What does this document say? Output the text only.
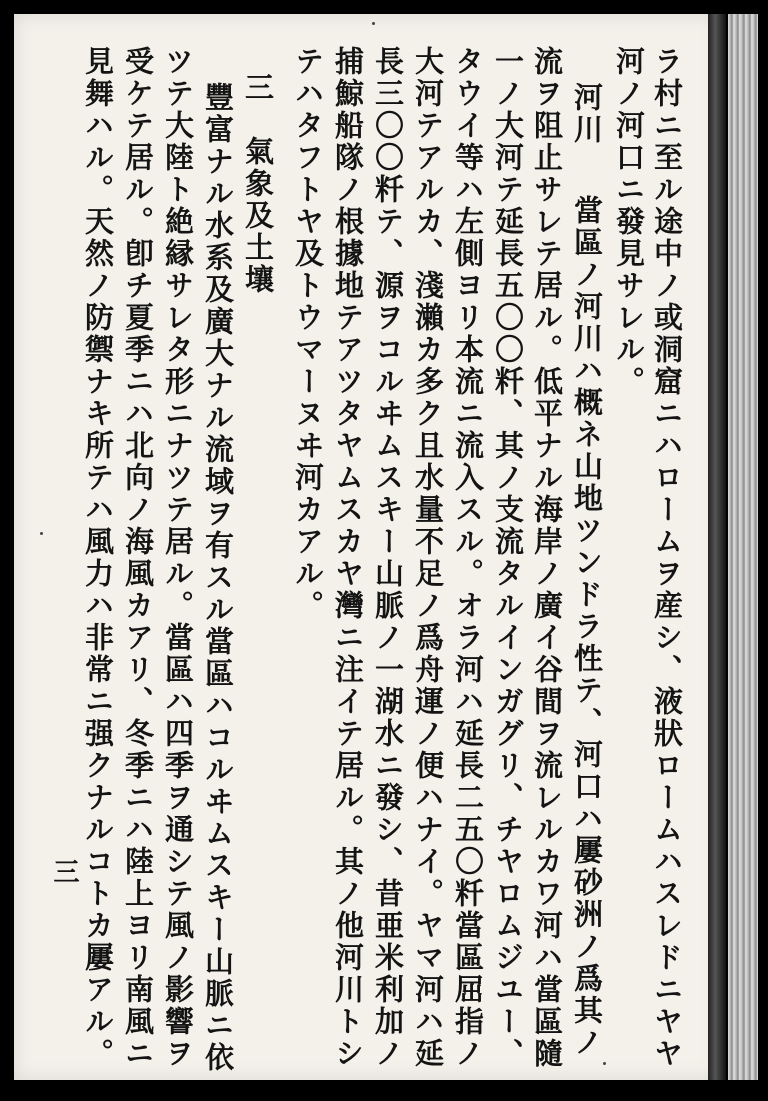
ラ村ニ至ル途中ノ或洞窟ニハロームヲ産シ、液狀ロームハスレドニヤヤ
河ノ河口ニ發見サレル。
河川
當區ノ河川ハ概ネ山地ツンドラ性テ、河口ハ屢砂洲ノ爲其ノ
流ヲ阻止サレテ居ル。低平ナル海岸ノ廣イ谷間ヲ流レルカワ河ハ當區隨
一ノ大河テ延長五〇〇粁、其ノ支流タルインガグリ、チヤロムジユー、
タウイ等ハ左側ヨリ本流ニ流入スル。オラ河ハ延長二五〇粁當區屈指ノ
大河テアルカ、淺瀨カ多ク且水量不足ノ爲舟運ノ便ハナイ。ヤマ河ハ延
長三〇〇粁テ、源ヲコルヰムスキー山脈ノ一湖水ニ發シ、昔亜米利加ノ
捕鯨船隊ノ根據地テアツタヤムスカヤ灣ニ注イテ居ル。其ノ他河川トシ
テハタフトヤ及トウマーヌヰ河カアル。
三　氣象及土壤
豐富ナル水系及廣大ナル流域ヲ有スル當區ハコルヰムスキー山脈ニ依
ツテ大陸ト絶縁サレタ形ニナツテ居ル。當區ハ四季ヲ通シテ風ノ影響ヲ
受ケテ居ル。卽チ夏季ニハ北向ノ海風カアリ、冬季ニハ陸上ヨリ南風ニ
見舞ハル。天然ノ防禦ナキ所テハ風力ハ非常ニ强クナルコトカ屢アル。
三
